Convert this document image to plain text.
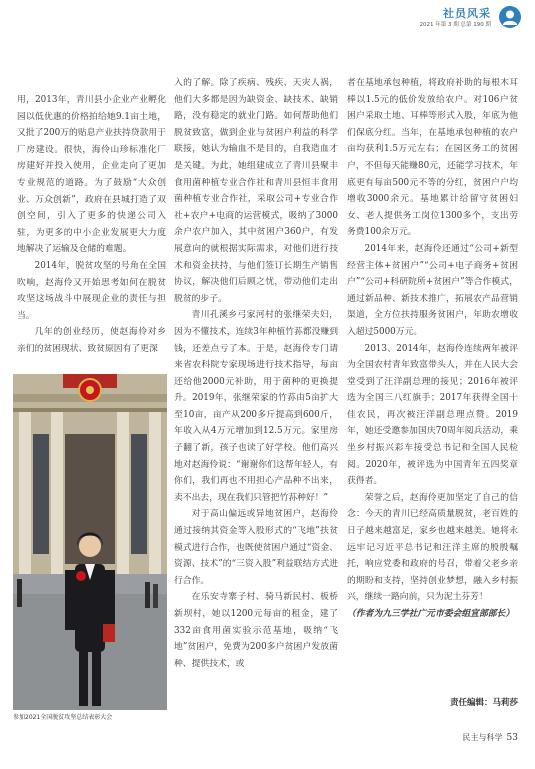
社员风采
2021 年第 3 期 总第 190 期

用，2013年，青川县小企业产业孵化园以低优惠的价格拍给她9.1亩土地，又批了200万的贴息产业扶持贷款用于厂房建设。很快，海伶山珍标准化厂房建好并投入使用，企业走向了更加专业规范的道路。为了鼓励“大众创业、万众创新”，政府在县城打造了双创空间，引入了更多的快递公司入驻，为更多的中小企业发展更大力度地解决了运输及仓储的难题。

2014年，脱贫攻坚的号角在全国吹响，赵海伶又开始思考如何在脱贫攻坚这场战斗中展现企业的责任与担当。

几年的创业经历，使赵海伶对乡亲们的贫困现状、致贫原因有了更深

参加2021全国脱贫攻坚总结表彰大会

入的了解。除了疾病、残疾、天灾人祸，他们大多都是因为缺资金、缺技术、缺销路，没有稳定的就业门路。如何帮助他们脱贫致富，做到企业与贫困户利益的科学联接，她认为输血不是目的，自我造血才是关键。为此，她组建成立了青川县聚丰食用菌种植专业合作社和青川县恒丰食用菌种植专业合作社，采取公司+专业合作社+农户+电商的运营模式，吸纳了3000余户农户加入，其中贫困户360户，有发展意向的就根据实际需求，对他们进行技术和资金扶持，与他们签订长期生产销售协议，解决他们后顾之忧，带动他们走出脱贫的步子。

青川孔溪乡弓家河村的张继荣夫妇，因为不懂技术，连续3年种植竹荪都没赚到钱，还差点亏了本。于是，赵海伶专门请来省农科院专家现场进行技术指导，每亩还给他2000元补助，用于菌种的更换提升。2019年，张继荣家的竹荪由5亩扩大至10亩，亩产从200多斤提高到600斤，年收入从4万元增加到12.5万元。家里房子翻了新，孩子也读了好学校。他们高兴地对赵海伶说：“谢谢你们这帮年轻人，有你们，我们再也不用担心产品种不出来，卖不出去，现在我们只管把竹荪种好！”

对于高山偏远或异地贫困户，赵海伶通过接纳其资金等入股形式的“飞地”扶贫模式进行合作，也既使贫困户通过“资金、资源、技术”的“三资入股”利益联结方式进行合作。

在乐安寺寨子村、骑马新民村、板桥新坝村，她以1200元每亩的租金，建了332亩食用菌实验示范基地，吸纳“飞地”贫困户，免费为200多户贫困户发放菌种、提供技术，或

者在基地承包种植，将政府补助的每根木耳棒以1.5元的低价发放给农户。对106户贫困户采取土地、耳棒等形式入股，年底为他们保底分红。当年，在基地承包种植的农户亩均获利1.5万元左右；在园区务工的贫困户，不但每天能赚80元，还能学习技术，年底更有每亩500元不等的分红，贫困户户均增收3000余元。基地累计给留守贫困妇女、老人提供务工岗位1300多个，支出劳务费100余万元。

2014年来，赵海伶还通过“公司+新型经营主体+贫困户”“公司+电子商务+贫困户”“公司+科研院所+贫困户”等合作模式，通过新品种、新技术推广，拓展农产品营销渠道，全方位扶持服务贫困户，年助农增收入超过5000万元。

2013、2014年，赵海伶连续两年被评为全国农村青年致富带头人，并在人民大会堂受到了汪洋副总理的接见；2016年被评选为全国三八红旗手；2017年获得全国十佳农民，再次被汪洋副总理点赞。2019年，她还受邀参加国庆70周年阅兵活动，乘坐乡村振兴彩车接受总书记和全国人民检阅。2020年，被评选为中国青年五四奖章获得者。

荣誉之后，赵海伶更加坚定了自己的信念：今天的青川已经高质量脱贫，老百姓的日子越来越富足，家乡也越来越美。她将永远牢记习近平总书记和汪洋主席的殷殷嘱托，响应党委和政府的号召，带着父老乡亲的期盼和支持，坚持创业梦想，融入乡村振兴，继续一路向前，只为泥土芬芳！

（作者为九三学社广元市委会组宣部部长）

责任编辑：马莉莎
民主与科学 53
